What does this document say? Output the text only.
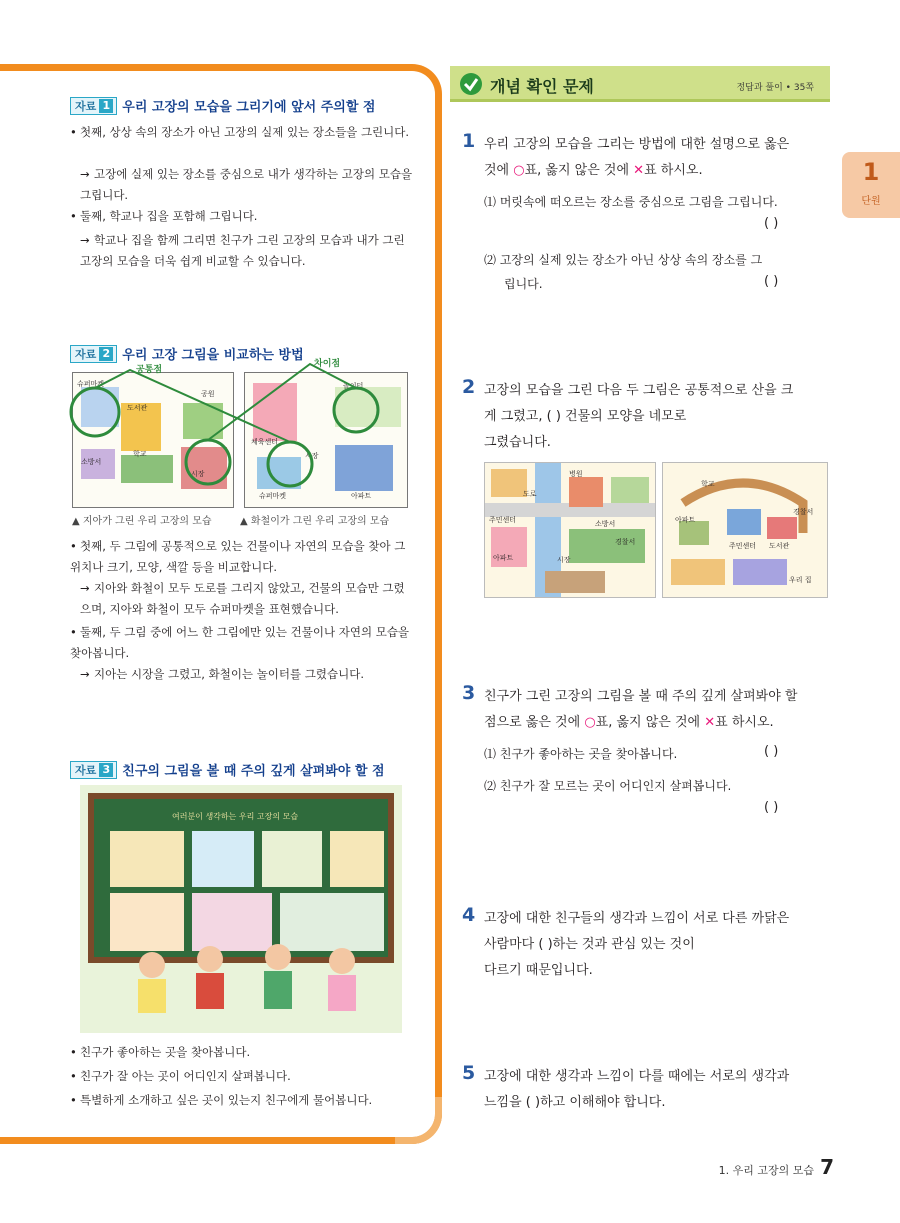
자료 1 우리 고장의 모습을 그리기에 앞서 주의할 점
• 첫째, 상상 속의 장소가 아닌 고장의 실제 있는 장소들을 그린니다.
→ 고장에 실제 있는 장소를 중심으로 내가 생각하는 고장의 모습을 그립니다.
• 둘째, 학교나 집을 포함해 그립니다.
→ 학교나 집을 함께 그리면 친구가 그린 고장의 모습과 내가 그린 고장의 모습을 더욱 쉽게 비교할 수 있습니다.
자료 2 우리 고장 그림을 비교하는 방법
슈퍼마켓
도서관
공원
학교
소방서
시장
놀이터
체육센터
시장
슈퍼마켓	아파트
공통점
차이점
▲ 지아가 그린 우리 고장의 모습	▲ 화철이가 그린 우리 고장의 모습
• 첫째, 두 그림에 공통적으로 있는 건물이나 자연의 모습을 찾아 그 위치나 크기, 모양, 색깔 등을 비교합니다.
→ 지아와 화철이 모두 도로를 그리지 않았고, 건물의 모습만 그렸으며, 지아와 화철이 모두 슈퍼마켓을 표현했습니다.
• 둘째, 두 그림 중에 어느 한 그림에만 있는 건물이나 자연의 모습을 찾아봅니다.
→ 지아는 시장을 그렸고, 화철이는 놀이터를 그렸습니다.
자료 3 친구의 그림을 볼 때 주의 깊게 살펴봐야 할 점
여러분이 생각하는 우리 고장의 모습
• 친구가 좋아하는 곳을 찾아봅니다.
• 친구가 잘 아는 곳이 어디인지 살펴봅니다.
• 특별하게 소개하고 싶은 곳이 있는지 친구에게 물어봅니다.
개념 확인 문제	정답과 풀이 • 35쪽
1
단원
1 우리 고장의 모습을 그리는 방법에 대한 설명으로 옳은
것에 ○표, 옳지 않은 것에 ✕표 하시오.
⑴ 머릿속에 떠오르는 장소를 중심으로 그림을 그립니다.
( )
⑵ 고장의 실제 있는 장소가 아닌 상상 속의 장소를 그
립니다.	( )
2 고장의 모습을 그린 다음 두 그림은 공통적으로 산을 크
게 그렸고, ( ) 건물의 모양을 네모로
그렸습니다.
도로
병원
소방서
시장
경찰서
주민센터
아파트
학교
경찰서
아파트
주민센터 도서관
우리 집
3 친구가 그린 고장의 그림을 볼 때 주의 깊게 살펴봐야 할
점으로 옳은 것에 ○표, 옳지 않은 것에 ✕표 하시오.
⑴ 친구가 좋아하는 곳을 찾아봅니다.	( )
⑵ 친구가 잘 모르는 곳이 어디인지 살펴봅니다.
( )
4 고장에 대한 친구들의 생각과 느낌이 서로 다른 까닭은
사람마다 ( )하는 것과 관심 있는 것이
다르기 때문입니다.
5 고장에 대한 생각과 느낌이 다를 때에는 서로의 생각과
느낌을 ( )하고 이해해야 합니다.
1. 우리 고장의 모습 7
